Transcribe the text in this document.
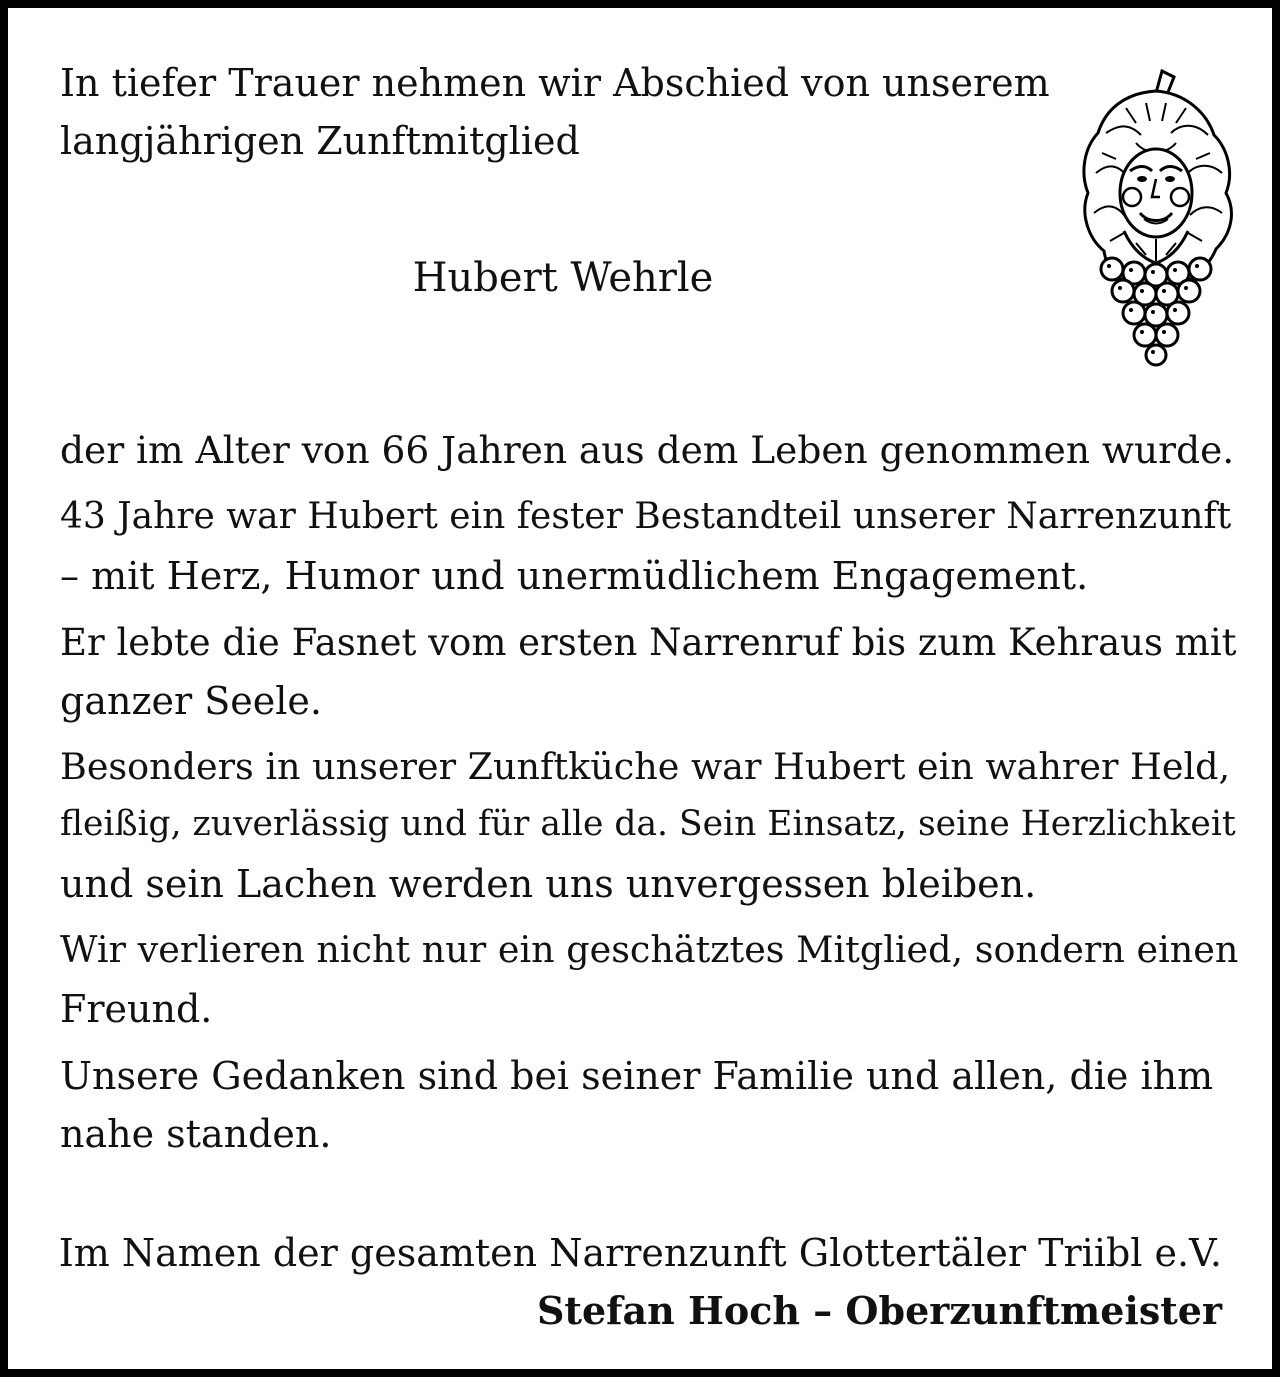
In tiefer Trauer nehmen wir Abschied von unserem

langjährigen Zunftmitglied

Hubert Wehrle

der im Alter von 66 Jahren aus dem Leben genommen wurde.

43 Jahre war Hubert ein fester Bestandteil unserer Narrenzunft

– mit Herz, Humor und unermüdlichem Engagement.

Er lebte die Fasnet vom ersten Narrenruf bis zum Kehraus mit

ganzer Seele.

Besonders in unserer Zunftküche war Hubert ein wahrer Held,

fleißig, zuverlässig und für alle da. Sein Einsatz, seine Herzlichkeit

und sein Lachen werden uns unvergessen bleiben.

Wir verlieren nicht nur ein geschätztes Mitglied, sondern einen

Freund.

Unsere Gedanken sind bei seiner Familie und allen, die ihm

nahe standen.

Im Namen der gesamten Narrenzunft Glottertäler Triibl e.V.
Stefan Hoch – Oberzunftmeister
